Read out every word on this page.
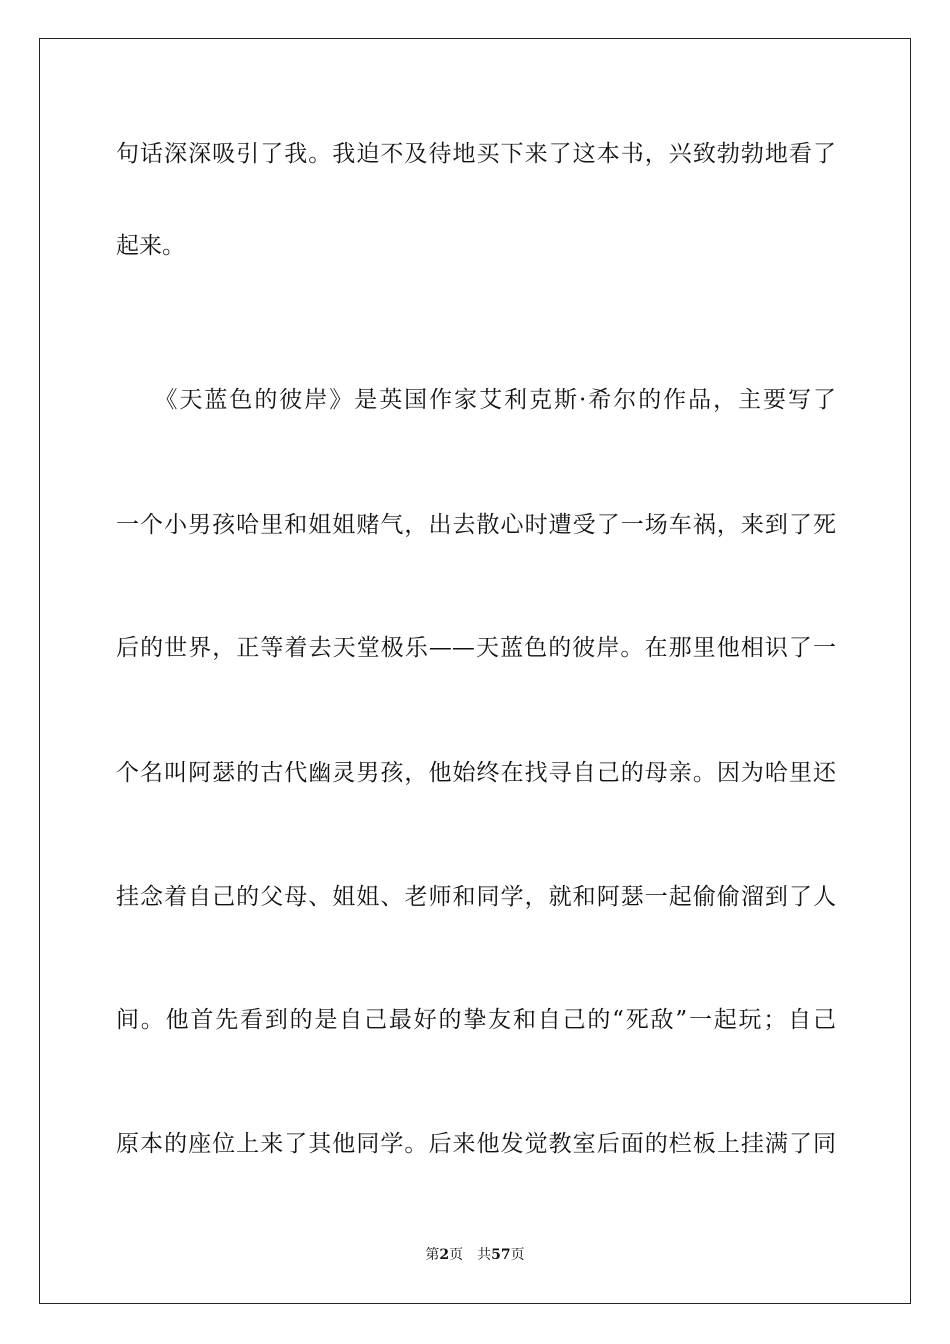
句话深深吸引了我。我迫不及待地买下来了这本书，兴致勃勃地看了
起来。
　　《天蓝色的彼岸》是英国作家艾利克斯·希尔的作品，主要写了
一个小男孩哈里和姐姐赌气，出去散心时遭受了一场车祸，来到了死
后的世界，正等着去天堂极乐——天蓝色的彼岸。在那里他相识了一
个名叫阿瑟的古代幽灵男孩，他始终在找寻自己的母亲。因为哈里还
挂念着自己的父母、姐姐、老师和同学，就和阿瑟一起偷偷溜到了人
间。他首先看到的是自己最好的挚友和自己的“死敌”一起玩；自己
原本的座位上来了其他同学。后来他发觉教室后面的栏板上挂满了同
第2页 共57页
